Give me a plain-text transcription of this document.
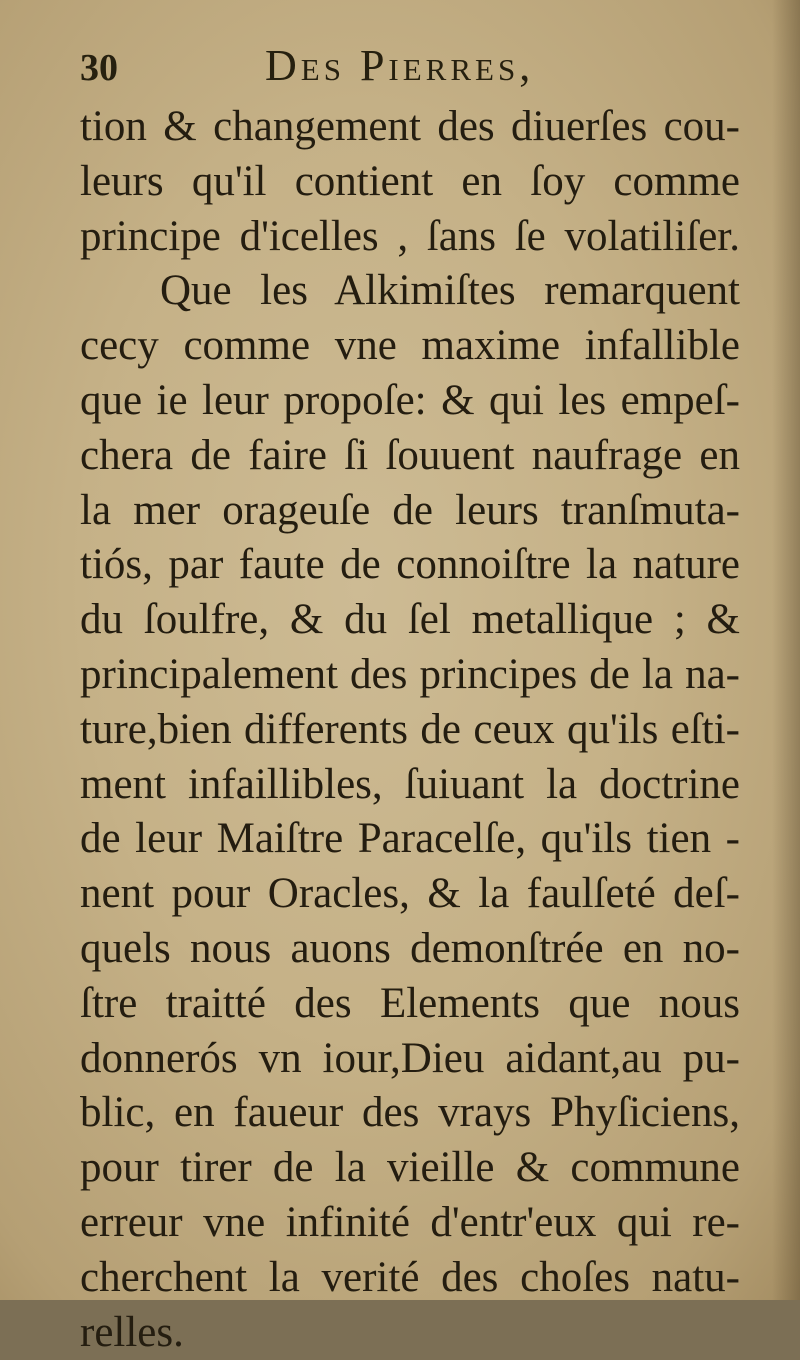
30	Des Pierres,
tion & changement des diuerſes cou-
leurs qu'il contient en ſoy comme
principe d'icelles , ſans ſe volatiliſer.
Que les Alkimiſtes remarquent
cecy comme vne maxime infallible
que ie leur propoſe: & qui les empeſ-
chera de faire ſi ſouuent naufrage en
la mer orageuſe de leurs tranſmuta-
tiós, par faute de connoiſtre la nature
du ſoulfre, & du ſel metallique ; &
principalement des principes de la na-
ture,bien differents de ceux qu'ils eſti-
ment infaillibles, ſuiuant la doctrine
de leur Maiſtre Paracelſe, qu'ils tien -
nent pour Oracles, & la faulſeté deſ-
quels nous auons demonſtrée en no-
ſtre traitté des Elements que nous
donnerós vn iour,Dieu aidant,au pu-
blic, en faueur des vrays Phyſiciens,
pour tirer de la vieille & commune
erreur vne infinité d'entr'eux qui re-
cherchent la verité des choſes natu-
relles.
